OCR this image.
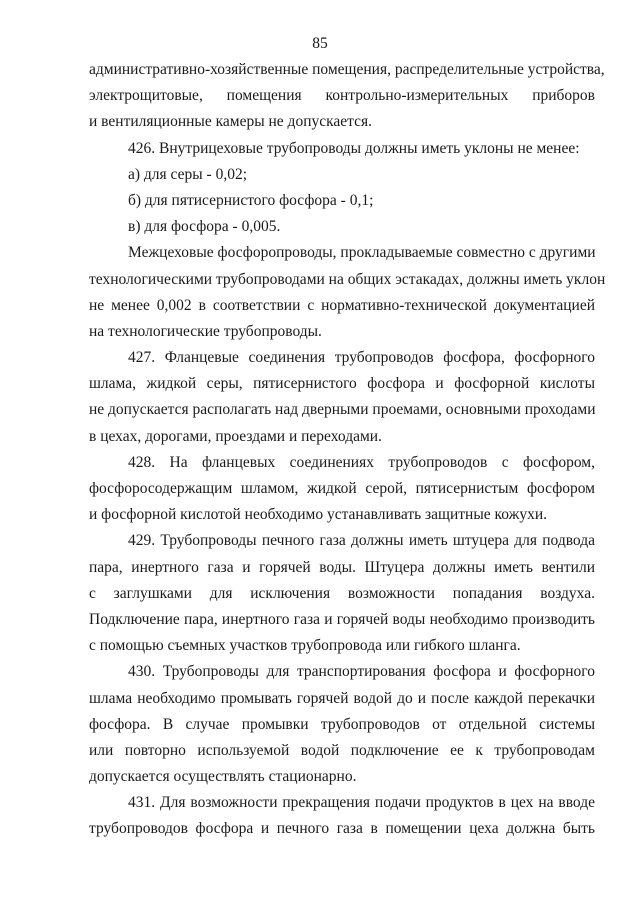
85
административно-хозяйственные помещения, распределительные устройства,
электрощитовые, помещения контрольно-измерительных приборов
и вентиляционные камеры не допускается.
426. Внутрицеховые трубопроводы должны иметь уклоны не менее:
а) для серы - 0,02;
б) для пятисернистого фосфора - 0,1;
в) для фосфора - 0,005.
Межцеховые фосфоропроводы, прокладываемые совместно с другими
технологическими трубопроводами на общих эстакадах, должны иметь уклон
не менее 0,002 в соответствии с нормативно-технической документацией
на технологические трубопроводы.
427. Фланцевые соединения трубопроводов фосфора, фосфорного
шлама, жидкой серы, пятисернистого фосфора и фосфорной кислоты
не допускается располагать над дверными проемами, основными проходами
в цехах, дорогами, проездами и переходами.
428. На фланцевых соединениях трубопроводов с фосфором,
фосфоросодержащим шламом, жидкой серой, пятисернистым фосфором
и фосфорной кислотой необходимо устанавливать защитные кожухи.
429. Трубопроводы печного газа должны иметь штуцера для подвода
пара, инертного газа и горячей воды. Штуцера должны иметь вентили
с заглушками для исключения возможности попадания воздуха.
Подключение пара, инертного газа и горячей воды необходимо производить
с помощью съемных участков трубопровода или гибкого шланга.
430. Трубопроводы для транспортирования фосфора и фосфорного
шлама необходимо промывать горячей водой до и после каждой перекачки
фосфора. В случае промывки трубопроводов от отдельной системы
или повторно используемой водой подключение ее к трубопроводам
допускается осуществлять стационарно.
431. Для возможности прекращения подачи продуктов в цех на вводе
трубопроводов фосфора и печного газа в помещении цеха должна быть
